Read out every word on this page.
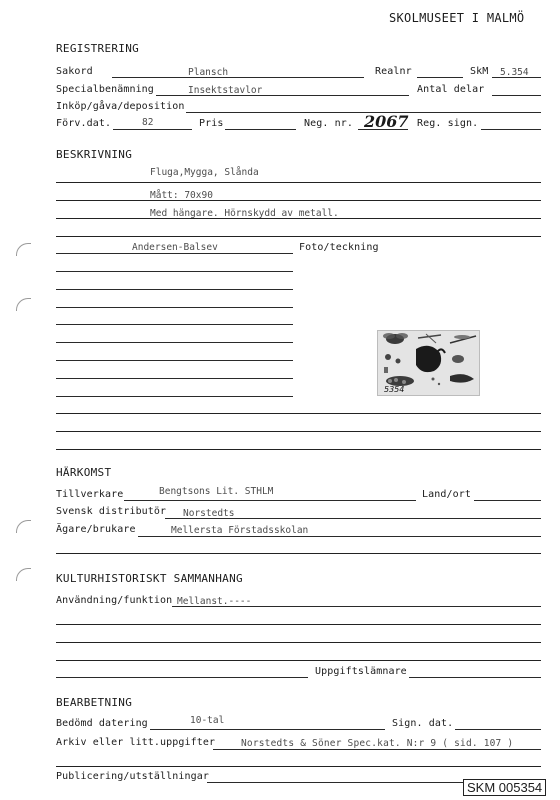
SKOLMUSEET I MALMÖ
REGISTRERING
Sakord	Plansch	Realnr	SkM 5.354
Specialbenämning	Insektstavlor	Antal delar
Inköp/gåva/deposition
Förv.dat.	82	Pris	Neg. nr. 2067 Reg. sign.
BESKRIVNING
Fluga,Mygga, Slånda
Mått: 70x90
Med hängare. Hörnskydd av metall.
Andersen-Balsev	Foto/teckning
5354
HÄRKOMST
Tillverkare	Bengtsons Lit. STHLM	Land/ort
Svensk distributör Norstedts
Ägare/brukare	Mellersta Förstadsskolan
KULTURHISTORISKT SAMMANHANG
Användning/funktion Mellanst.----
Uppgiftslämnare
BEARBETNING
Bedömd datering	10-tal	Sign. dat.
Arkiv eller litt.uppgifter	Norstedts & Söner Spec.kat. N:r 9 ( sid. 107 )
Publicering/utställningar
SKM 005354
